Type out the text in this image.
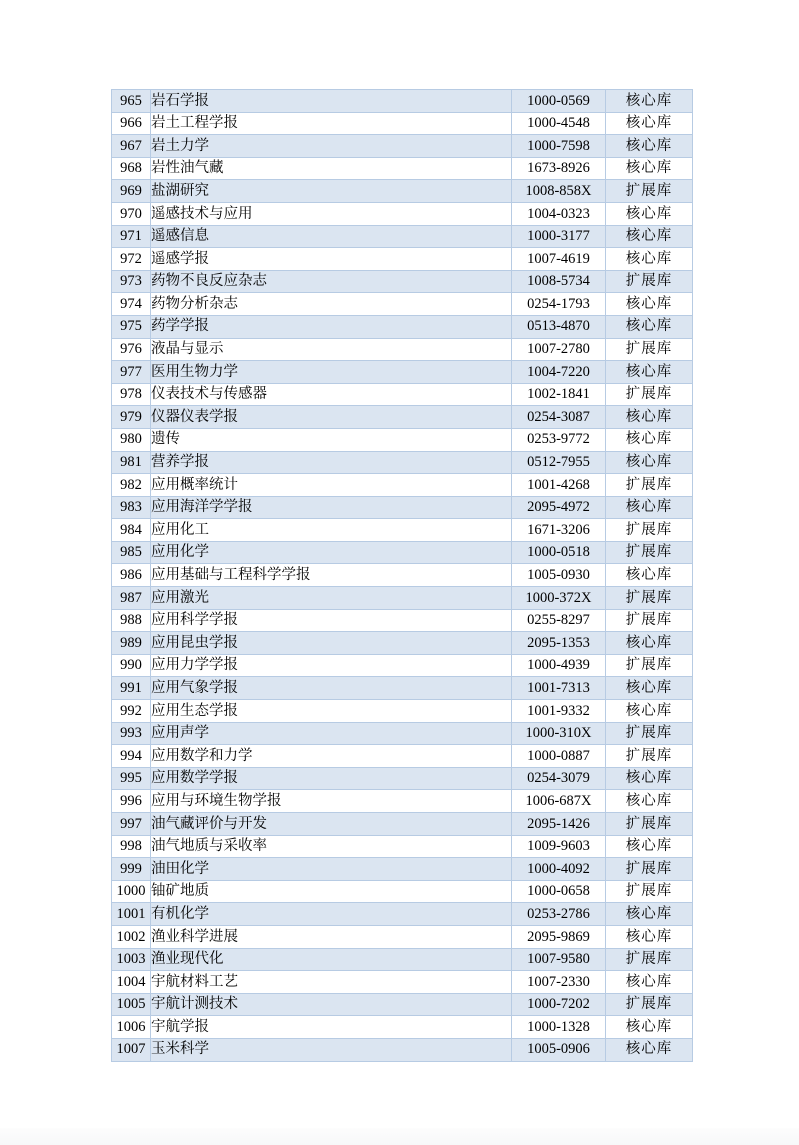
965	岩石学报	1000-0569	核心库
966	岩土工程学报	1000-4548	核心库
967	岩土力学	1000-7598	核心库
968	岩性油气藏	1673-8926	核心库
969	盐湖研究	1008-858X	扩展库
970	遥感技术与应用	1004-0323	核心库
971	遥感信息	1000-3177	核心库
972	遥感学报	1007-4619	核心库
973	药物不良反应杂志	1008-5734	扩展库
974	药物分析杂志	0254-1793	核心库
975	药学学报	0513-4870	核心库
976	液晶与显示	1007-2780	扩展库
977	医用生物力学	1004-7220	核心库
978	仪表技术与传感器	1002-1841	扩展库
979	仪器仪表学报	0254-3087	核心库
980	遗传	0253-9772	核心库
981	营养学报	0512-7955	核心库
982	应用概率统计	1001-4268	扩展库
983	应用海洋学学报	2095-4972	核心库
984	应用化工	1671-3206	扩展库
985	应用化学	1000-0518	扩展库
986	应用基础与工程科学学报	1005-0930	核心库
987	应用激光	1000-372X	扩展库
988	应用科学学报	0255-8297	扩展库
989	应用昆虫学报	2095-1353	核心库
990	应用力学学报	1000-4939	扩展库
991	应用气象学报	1001-7313	核心库
992	应用生态学报	1001-9332	核心库
993	应用声学	1000-310X	扩展库
994	应用数学和力学	1000-0887	扩展库
995	应用数学学报	0254-3079	核心库
996	应用与环境生物学报	1006-687X	核心库
997	油气藏评价与开发	2095-1426	扩展库
998	油气地质与采收率	1009-9603	核心库
999	油田化学	1000-4092	扩展库
1000	铀矿地质	1000-0658	扩展库
1001	有机化学	0253-2786	核心库
1002	渔业科学进展	2095-9869	核心库
1003	渔业现代化	1007-9580	扩展库
1004	宇航材料工艺	1007-2330	核心库
1005	宇航计测技术	1000-7202	扩展库
1006	宇航学报	1000-1328	核心库
1007	玉米科学	1005-0906	核心库
